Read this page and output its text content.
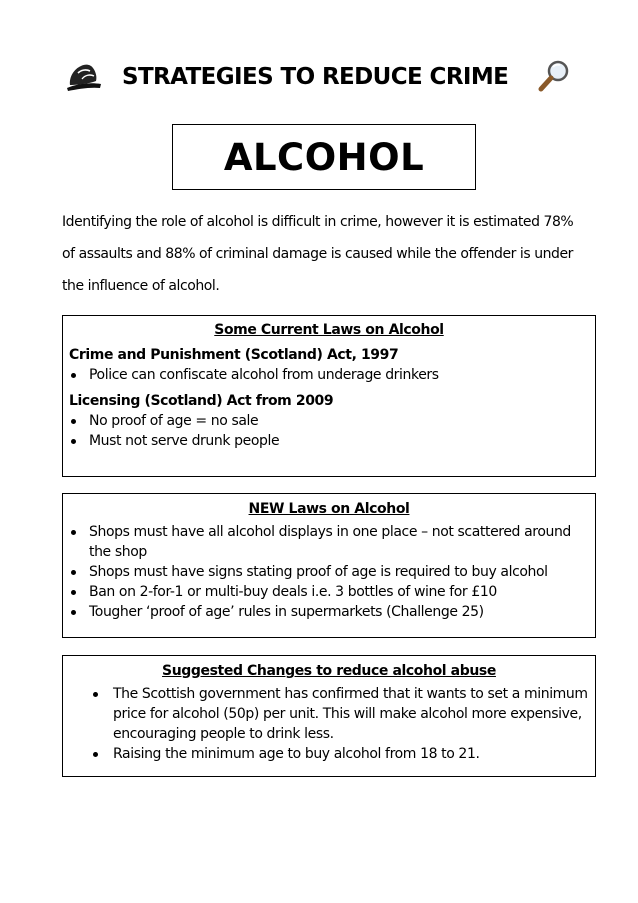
STRATEGIES TO REDUCE CRIME
ALCOHOL

Identifying the role of alcohol is difficult in crime, however it is estimated 78% of assaults and 88% of criminal damage is caused while the offender is under the influence of alcohol.

Some Current Laws on Alcohol

Crime and Punishment (Scotland) Act, 1997

Police can confiscate alcohol from underage drinkers

Licensing (Scotland) Act from 2009

No proof of age = no sale
Must not serve drunk people

NEW Laws on Alcohol

Shops must have all alcohol displays in one place – not scattered around the shop
Shops must have signs stating proof of age is required to buy alcohol
Ban on 2-for-1 or multi-buy deals i.e. 3 bottles of wine for £10
Tougher ‘proof of age’ rules in supermarkets (Challenge 25)

Suggested Changes to reduce alcohol abuse

The Scottish government has confirmed that it wants to set a minimum price for alcohol (50p) per unit. This will make alcohol more expensive, encouraging people to drink less.
Raising the minimum age to buy alcohol from 18 to 21.
